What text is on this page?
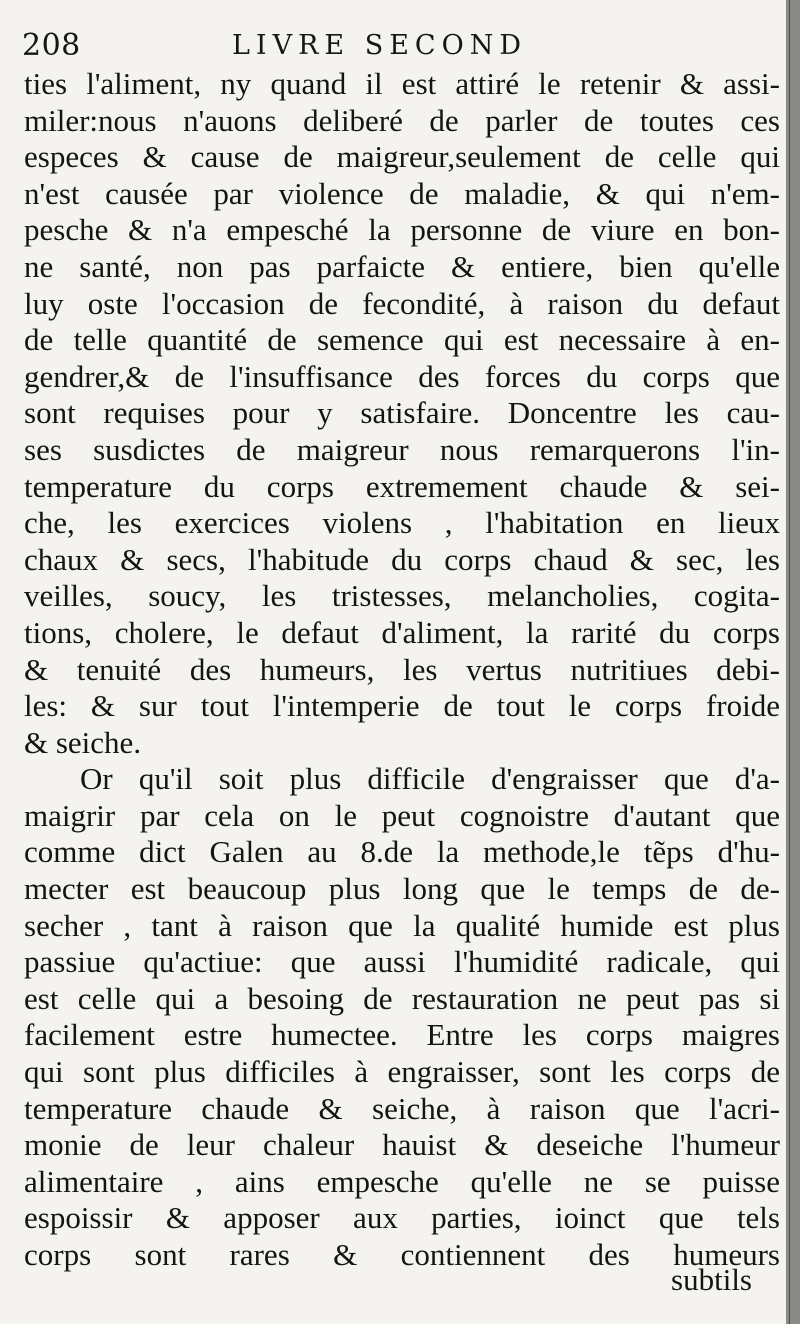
208	LIVRE SECOND
ties l'aliment, ny quand il est attiré le retenir & assi-
miler:nous n'auons deliberé de parler de toutes ces
especes & cause de maigreur,seulement de celle qui
n'est causée par violence de maladie, & qui n'em-
pesche & n'a empesché la personne de viure en bon-
ne santé, non pas parfaicte & entiere, bien qu'elle
luy oste l'occasion de fecondité, à raison du defaut
de telle quantité de semence qui est necessaire à en-
gendrer,& de l'insuffisance des forces du corps que
sont requises pour y satisfaire. Doncentre les cau-
ses susdictes de maigreur nous remarquerons l'in-
temperature du corps extremement chaude & sei-
che, les exercices violens , l'habitation en lieux
chaux & secs, l'habitude du corps chaud & sec, les
veilles, soucy, les tristesses, melancholies, cogita-
tions, cholere, le defaut d'aliment, la rarité du corps
& tenuité des humeurs, les vertus nutritiues debi-
les: & sur tout l'intemperie de tout le corps froide
& seiche.
Or qu'il soit plus difficile d'engraisser que d'a-
maigrir par cela on le peut cognoistre d'autant que
comme dict Galen au 8.de la methode,le tẽps d'hu-
mecter est beaucoup plus long que le temps de de-
secher , tant à raison que la qualité humide est plus
passiue qu'actiue: que aussi l'humidité radicale, qui
est celle qui a besoing de restauration ne peut pas si
facilement estre humectee. Entre les corps maigres
qui sont plus difficiles à engraisser, sont les corps de
temperature chaude & seiche, à raison que l'acri-
monie de leur chaleur hauist & deseiche l'humeur
alimentaire , ains empesche qu'elle ne se puisse
espoissir & apposer aux parties, ioinct que tels
corps sont rares & contiennent des humeurs
subtils
